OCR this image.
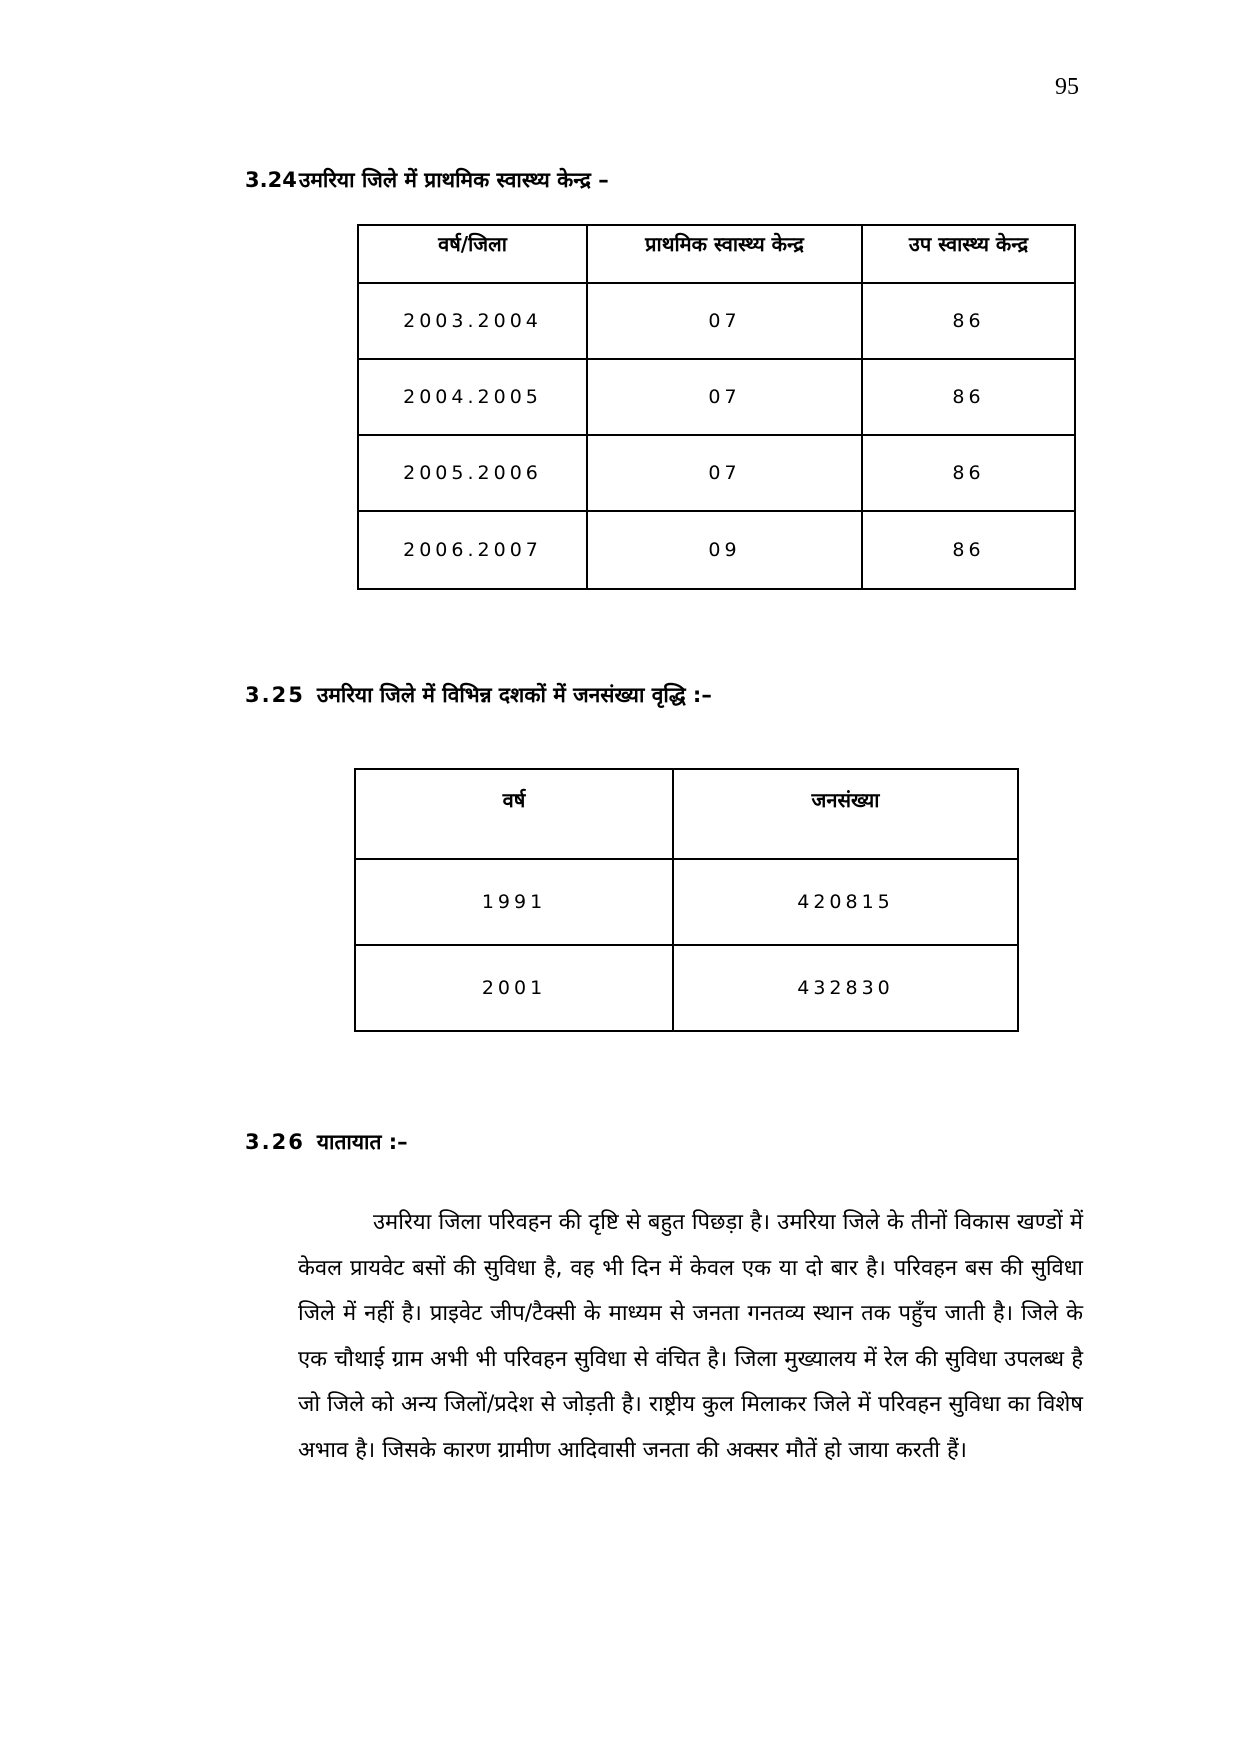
95
3.24उमरिया जिले में प्राथमिक स्वास्थ्य केन्द्र –
वर्ष/जिला	प्राथमिक स्वास्थ्य केन्द्र	उप स्वास्थ्य केन्द्र
2003.2004	07	86
2004.2005	07	86
2005.2006	07	86
2006.2007	09	86
3.25 उमरिया जिले में विभिन्न दशकों में जनसंख्या वृद्धि :–
वर्ष	जनसंख्या
1991	420815
2001	432830
3.26 यातायात :–

उमरिया जिला परिवहन की दृष्टि से बहुत पिछड़ा है। उमरिया जिले के तीनों विकास खण्डों में केवल प्रायवेट बसों की सुविधा है, वह भी दिन में केवल एक या दो बार है। परिवहन बस की सुविधा जिले में नहीं है। प्राइवेट जीप/टैक्सी के माध्यम से जनता गनतव्य स्थान तक पहुँच जाती है। जिले के एक चौथाई ग्राम अभी भी परिवहन सुविधा से वंचित है। जिला मुख्यालय में रेल की सुविधा उपलब्ध है जो जिले को अन्य जिलों/प्रदेश से जोड़ती है। राष्ट्रीय कुल मिलाकर जिले में परिवहन सुविधा का विशेष अभाव है। जिसके कारण ग्रामीण आदिवासी जनता की अक्सर मौतें हो जाया करती हैं।
